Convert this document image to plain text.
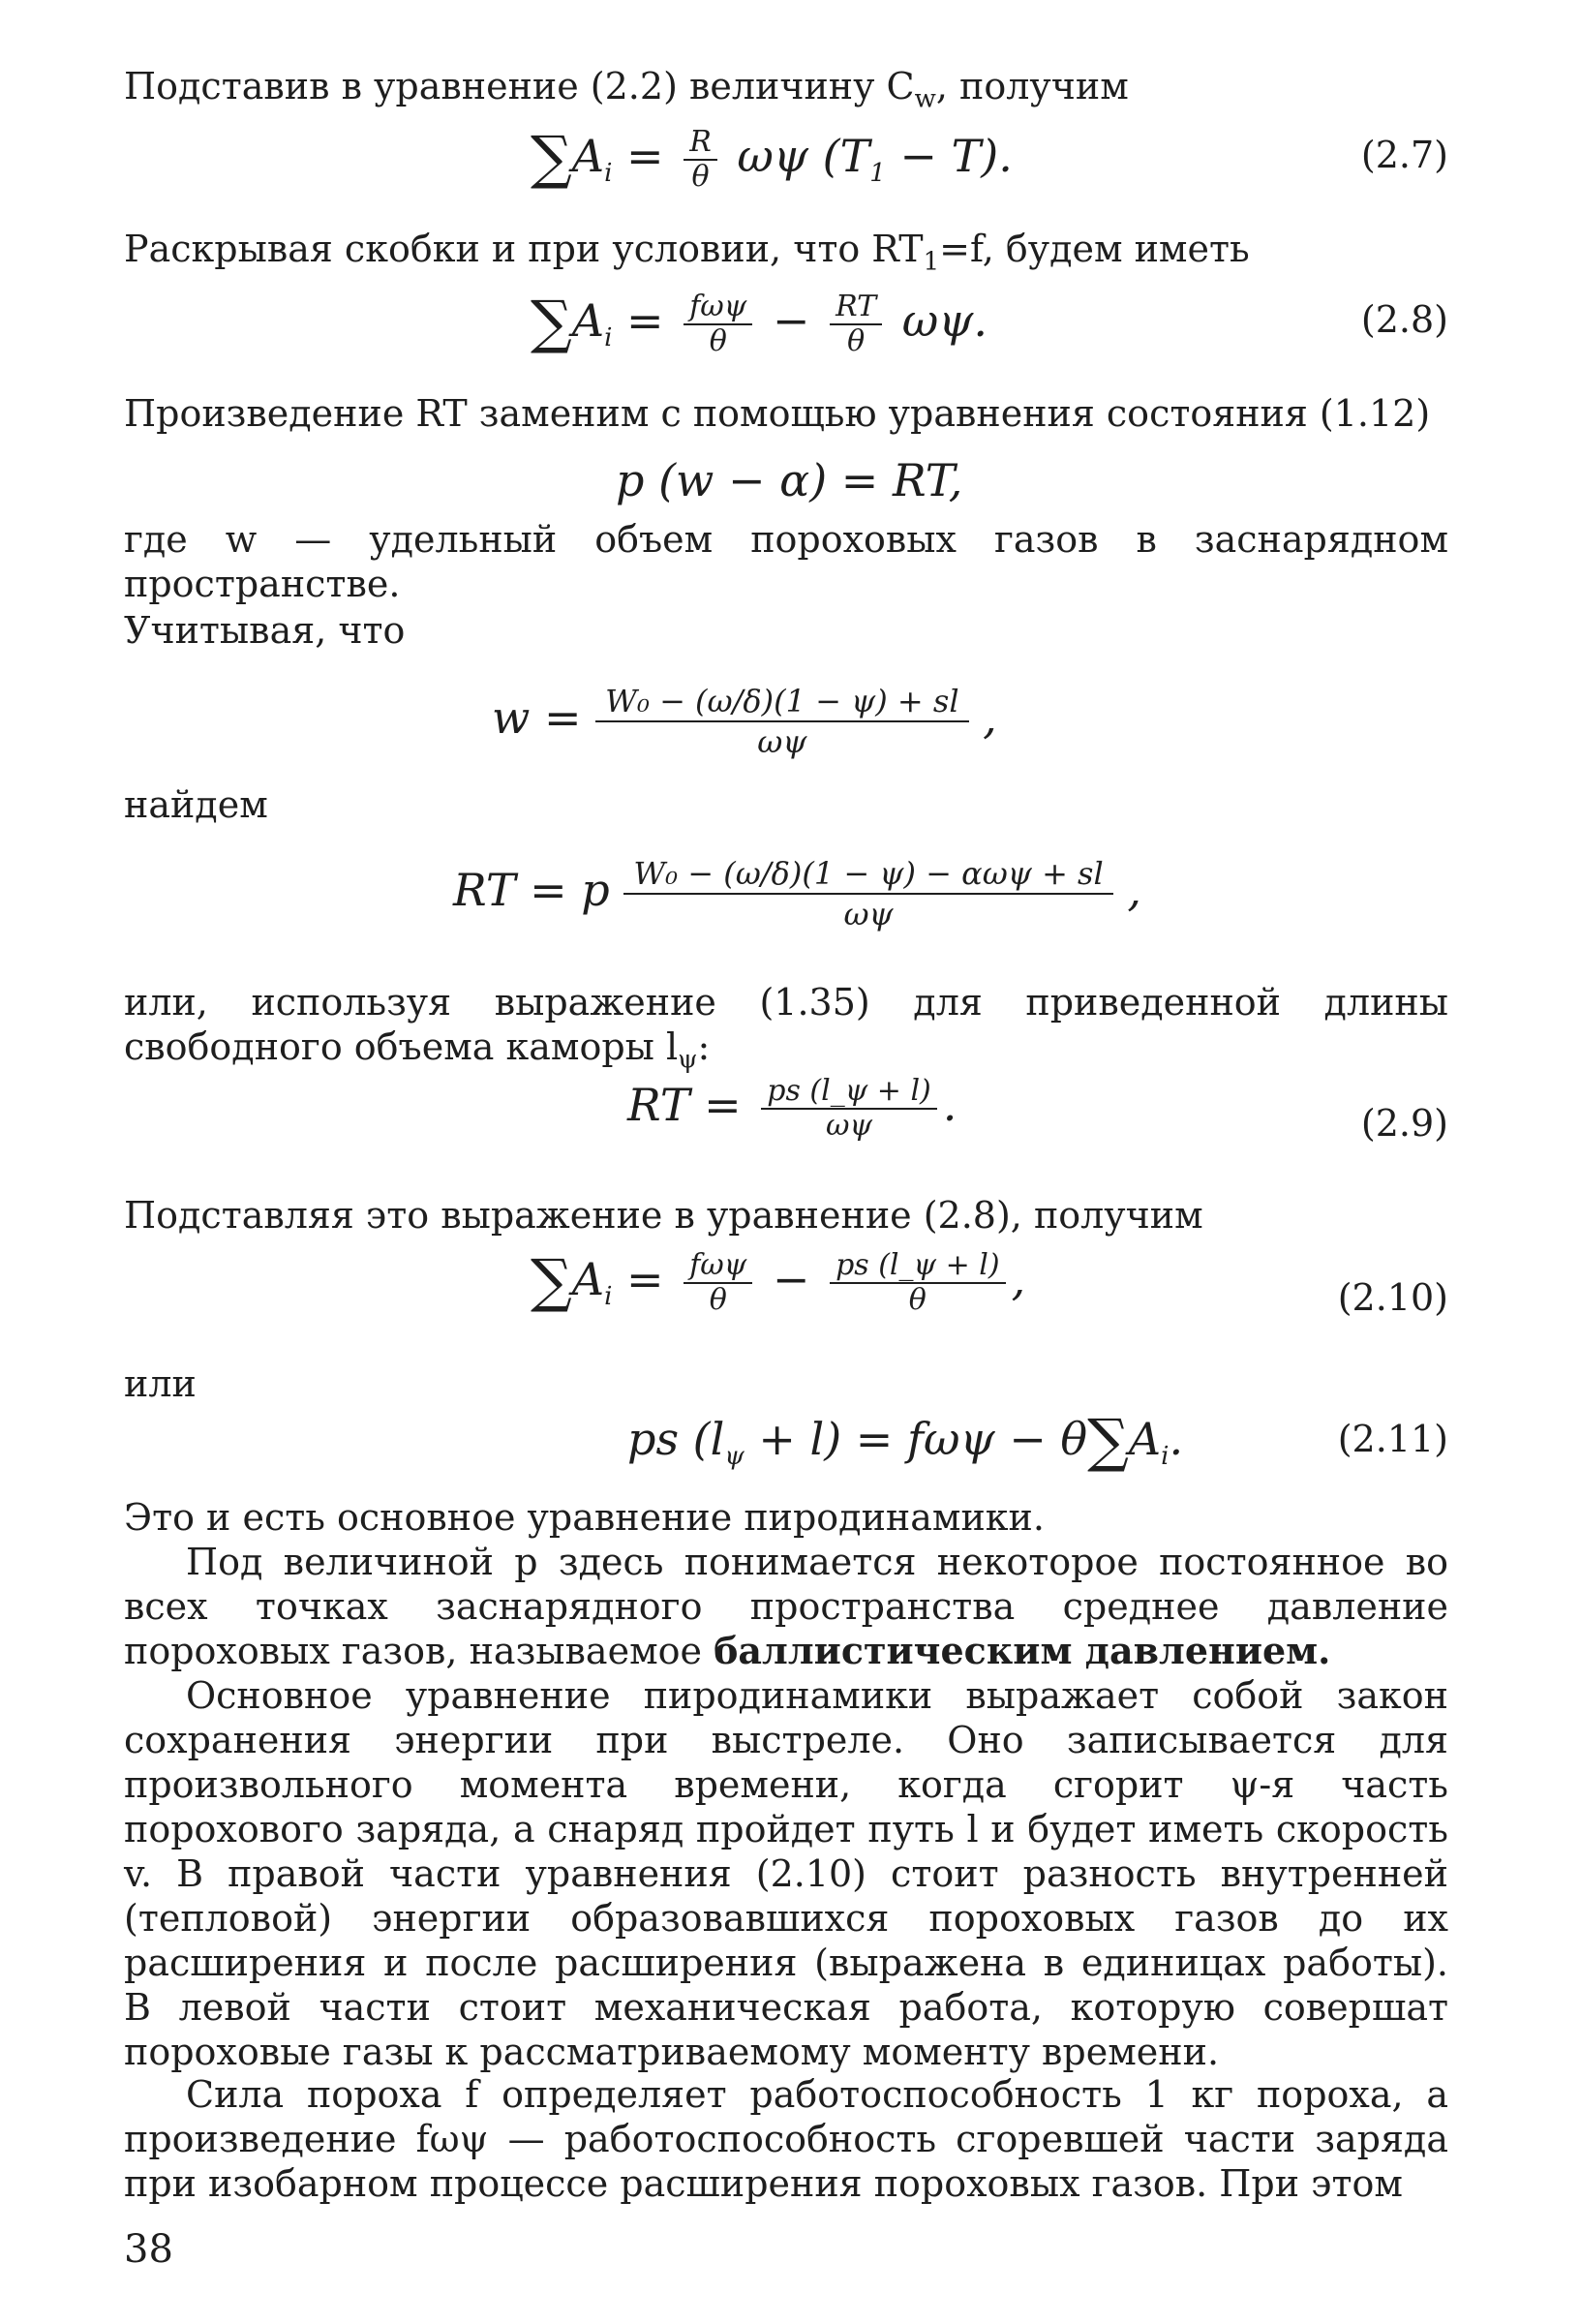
Подставив в уравнение (2.2) величину $C_w$, получим

$\sum A_i = \frac{R}{\theta}$ ωψ $(T_1 - T)$.	(2.7)

Раскрывая скобки и при условии, что $RT_1=f$, будем иметь

$\sum A_i = \frac{\text{fωψ}}{\theta} - \frac{RT}{\theta} \omega\psi$.	(2.8)

Произведение RT заменим с помощью уравнения состояния (1.12)

p (w − α) = RT,

где w — удельный объем пороховых газов в заснарядном пространстве.

Учитывая, что

$w = \frac{\text{W₀ − (ω/δ)(1 − ψ) + sl}}{\omega\psi}$ ,

найдем

RT = p W₀ − (ω/δ)(1 − ψ) − αωψ + sl
ωψ	,

или, используя выражение (1.35) для приведенной длины свободного объема каморы $l_\psi$:

RT = $\frac{ps (l\_\psi + l)}{\omega\psi}$ .	(2.9)

Подставляя это выражение в уравнение (2.8), получим

$\sum A_i = \frac{\text{fωψ}}{\theta} - \frac{ps (l\_\psi + l)}{\theta}$ ,	(2.10)

или

ps $(l_\psi + l) = f\omega\psi - \theta\sum A_i$.	(2.11)

Это и есть основное уравнение пиродинамики.

Под величиной p здесь понимается некоторое постоянное во всех точках заснарядного пространства среднее давление пороховых газов, называемое баллистическим давлением.

Основное уравнение пиродинамики выражает собой закон сохранения энергии при выстреле. Оно записывается для произвольного момента времени, когда сгорит ψ-я часть порохового заряда, а снаряд пройдет путь l и будет иметь скорость v. В правой части уравнения (2.10) стоит разность внутренней (тепловой) энергии образовавшихся пороховых газов до их расширения и после расширения (выражена в единицах работы). В левой части стоит механическая работа, которую совершат пороховые газы к рассматриваемому моменту времени.

Сила пороха f определяет работоспособность 1 кг пороха, а произведение fωψ — работоспособность сгоревшей части заряда при изобарном процессе расширения пороховых газов. При этом

38
